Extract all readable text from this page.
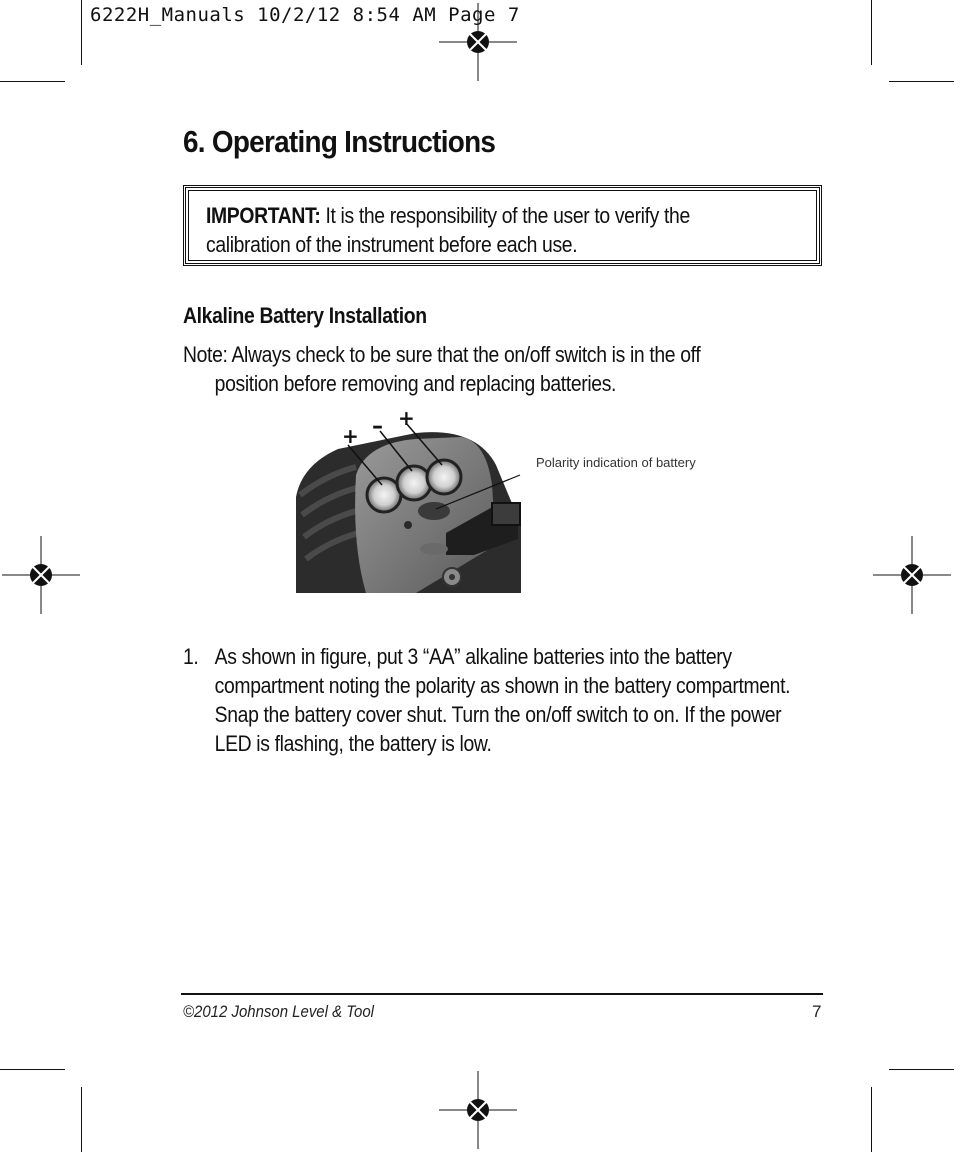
6222H_Manuals 10/2/12 8:54 AM Page 7
6. Operating Instructions
IMPORTANT: It is the responsibility of the user to verify the calibration of the instrument before each use.
Alkaline Battery Installation
Note: Always check to be sure that the on/off switch is in the off
position before removing and replacing batteries.
+ – +
Polarity indication of battery
1. As shown in figure, put 3 “AA” alkaline batteries into the battery compartment noting the polarity as shown in the battery compartment. Snap the battery cover shut. Turn the on/off switch to on. If the power LED is flashing, the battery is low.
©2012 Johnson Level & Tool	7
